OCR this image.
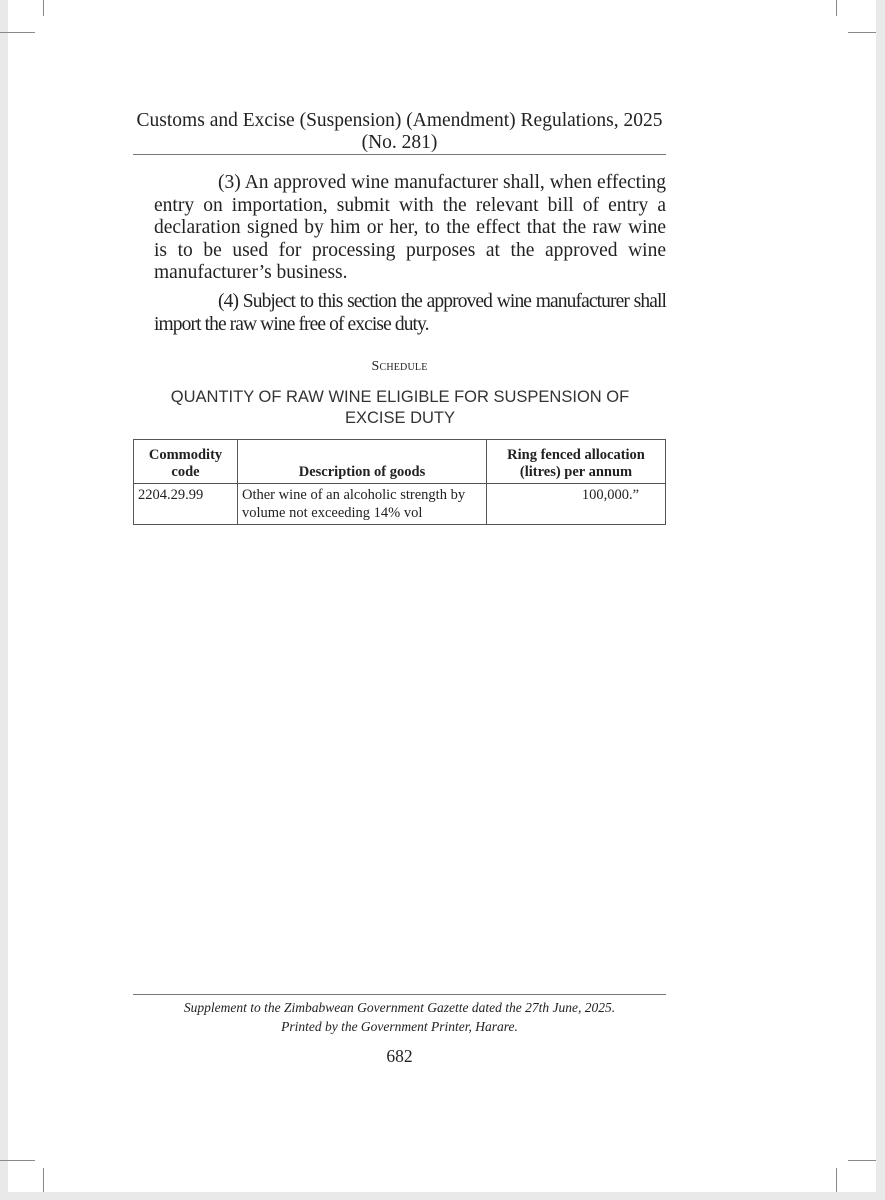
Customs and Excise (Suspension) (Amendment) Regulations, 2025
(No. 281)
(3) An approved wine manufacturer shall, when effecting entry on importation, submit with the relevant bill of entry a declaration signed by him or her, to the effect that the raw wine is to be used for processing purposes at the approved wine manufacturer’s business.
(4) Subject to this section the approved wine manufacturer shall import the raw wine free of excise duty.
Schedule
QUANTITY OF RAW WINE ELIGIBLE FOR SUSPENSION OF EXCISE DUTY
Commodity code	Description of goods	Ring fenced allocation (litres) per annum
2204.29.99	Other wine of an alcoholic strength by volume not exceeding 14% vol	100,000.”
Supplement to the Zimbabwean Government Gazette dated the 27th June, 2025.
Printed by the Government Printer, Harare.
682
